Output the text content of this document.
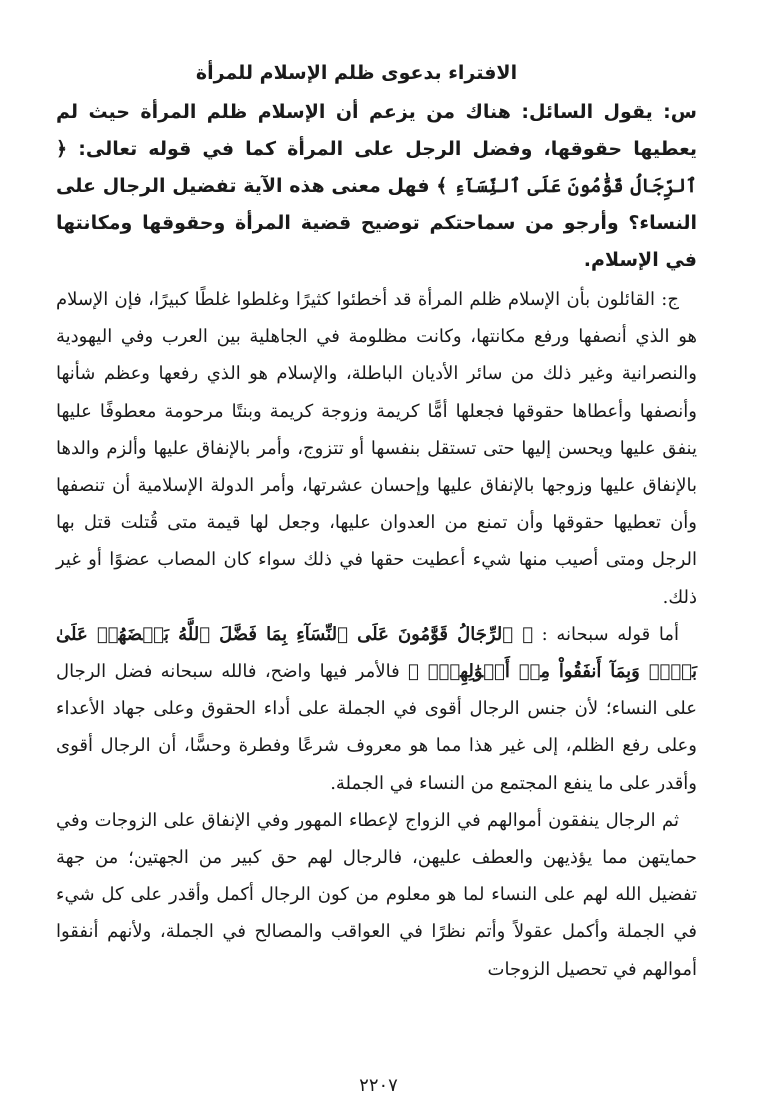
الافتراء بدعوى ظلم الإسلام للمرأة

س: يقول السائل: هناك من يزعم أن الإسلام ظلم المرأة حيث لم يعطيها حقوقها، وفضل الرجل على المرأة كما في قوله تعالى: ﴿ ٱلرِّجَالُ قَوَّٰمُونَ عَلَى ٱلنِّسَآءِ ﴾ فهل معنى هذه الآية تفضيل الرجال على النساء؟ وأرجو من سماحتكم توضيح قضية المرأة وحقوقها ومكانتها في الإسلام.

ج: القائلون بأن الإسلام ظلم المرأة قد أخطئوا كثيرًا وغلطوا غلطًا كبيرًا، فإن الإسلام هو الذي أنصفها ورفع مكانتها، وكانت مظلومة في الجاهلية بين العرب وفي اليهودية والنصرانية وغير ذلك من سائر الأديان الباطلة، والإسلام هو الذي رفعها وعظم شأنها وأنصفها وأعطاها حقوقها فجعلها أمًّا كريمة وزوجة كريمة وبنتًا مرحومة معطوفًا عليها ينفق عليها ويحسن إليها حتى تستقل بنفسها أو تتزوج، وأمر بالإنفاق عليها وألزم والدها بالإنفاق عليها وزوجها بالإنفاق عليها وإحسان عشرتها، وأمر الدولة الإسلامية أن تنصفها وأن تعطيها حقوقها وأن تمنع من العدوان عليها، وجعل لها قيمة متى قُتلت قتل بها الرجل ومتى أصيب منها شيء أعطيت حقها في ذلك سواء كان المصاب عضوًا أو غير ذلك.

أما قوله سبحانه : ﴿ ٱلرِّجَالُ قَوَّٰمُونَ عَلَى ٱلنِّسَآءِ بِمَا فَضَّلَ ٱللَّهُ بَعۡضَهُمۡ عَلَىٰ بَعۡضٖ وَبِمَآ أَنفَقُواْ مِنۡ أَمۡوَٰلِهِمۡۚ ﴾ فالأمر فيها واضح، فالله سبحانه فضل الرجال على النساء؛ لأن جنس الرجال أقوى في الجملة على أداء الحقوق وعلى جهاد الأعداء وعلى رفع الظلم، إلى غير هذا مما هو معروف شرعًا وفطرة وحسًّا، أن الرجال أقوى وأقدر على ما ينفع المجتمع من النساء في الجملة.

ثم الرجال ينفقون أموالهم في الزواج لإعطاء المهور وفي الإنفاق على الزوجات وفي حمايتهن مما يؤذيهن والعطف عليهن، فالرجال لهم حق كبير من الجهتين؛ من جهة تفضيل الله لهم على النساء لما هو معلوم من كون الرجال أكمل وأقدر على كل شيء في الجملة وأكمل عقولاً وأتم نظرًا في العواقب والمصالح في الجملة، ولأنهم أنفقوا أموالهم في تحصيل الزوجات

٢٢٠٧
